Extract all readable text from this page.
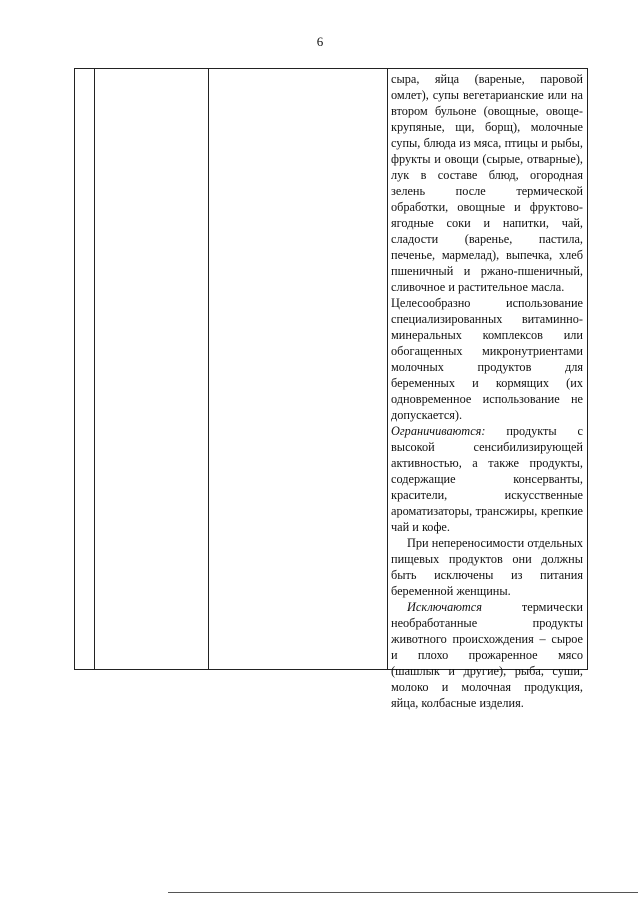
6

сыра, яйца (вареные, паровой омлет), супы вегетарианские или на втором бульоне (овощные, овоще-крупяные, щи, борщ), молочные супы, блюда из мяса, птицы и рыбы, фрукты и овощи (сырые, отварные), лук в составе блюд, огородная зелень после термической обработки, овощные и фруктово-ягодные соки и напитки, чай, сладости (варенье, пастила, печенье, мармелад), выпечка, хлеб пшеничный и ржано-пшеничный, сливочное и растительное масла.

Целесообразно использование специализированных витаминно-минеральных комплексов или обогащенных микронутриентами молочных продуктов для беременных и кормящих (их одновременное использование не допускается).

Ограничиваются: продукты с высокой сенсибилизирующей активностью, а также продукты, содержащие консерванты, красители, искусственные ароматизаторы, трансжиры, крепкие чай и кофе.

При непереносимости отдельных пищевых продуктов они должны быть исключены из питания беременной женщины.

Исключаются термически необработанные продукты животного происхождения – сырое и плохо прожаренное мясо (шашлык и другие), рыба, суши, молоко и молочная продукция, яйца, колбасные изделия.
